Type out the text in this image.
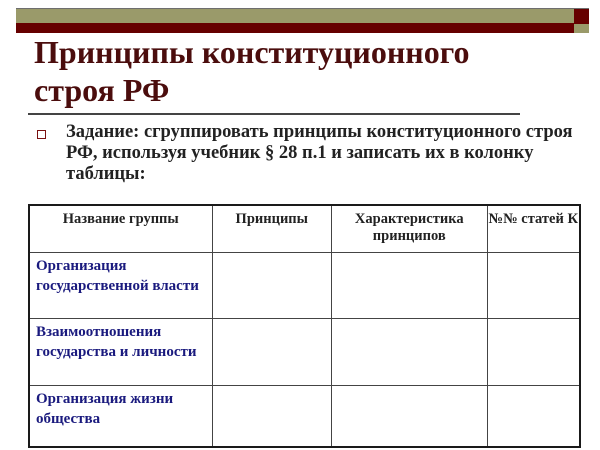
Принципы конституционного строя РФ
Задание: сгруппировать принципы конституционного строя РФ, используя учебник § 28 п.1 и записать их в колонку таблицы:
Название группы	Принципы	Характеристика принципов	№№ статей К
Организация государственной власти			
Взаимоотношения государства и личности			
Организация жизни общества			
